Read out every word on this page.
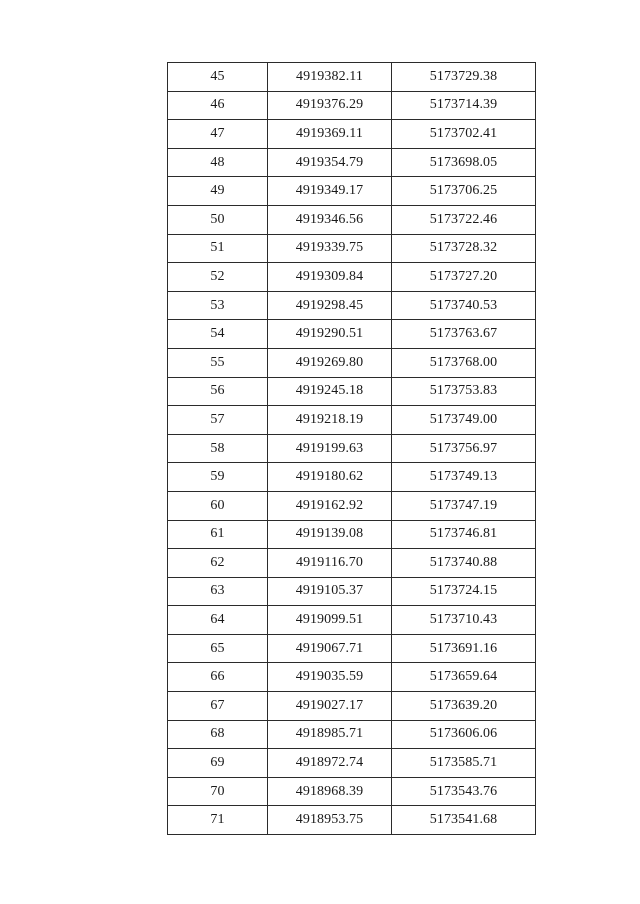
45	4919382.11	5173729.38
46	4919376.29	5173714.39
47	4919369.11	5173702.41
48	4919354.79	5173698.05
49	4919349.17	5173706.25
50	4919346.56	5173722.46
51	4919339.75	5173728.32
52	4919309.84	5173727.20
53	4919298.45	5173740.53
54	4919290.51	5173763.67
55	4919269.80	5173768.00
56	4919245.18	5173753.83
57	4919218.19	5173749.00
58	4919199.63	5173756.97
59	4919180.62	5173749.13
60	4919162.92	5173747.19
61	4919139.08	5173746.81
62	4919116.70	5173740.88
63	4919105.37	5173724.15
64	4919099.51	5173710.43
65	4919067.71	5173691.16
66	4919035.59	5173659.64
67	4919027.17	5173639.20
68	4918985.71	5173606.06
69	4918972.74	5173585.71
70	4918968.39	5173543.76
71	4918953.75	5173541.68
